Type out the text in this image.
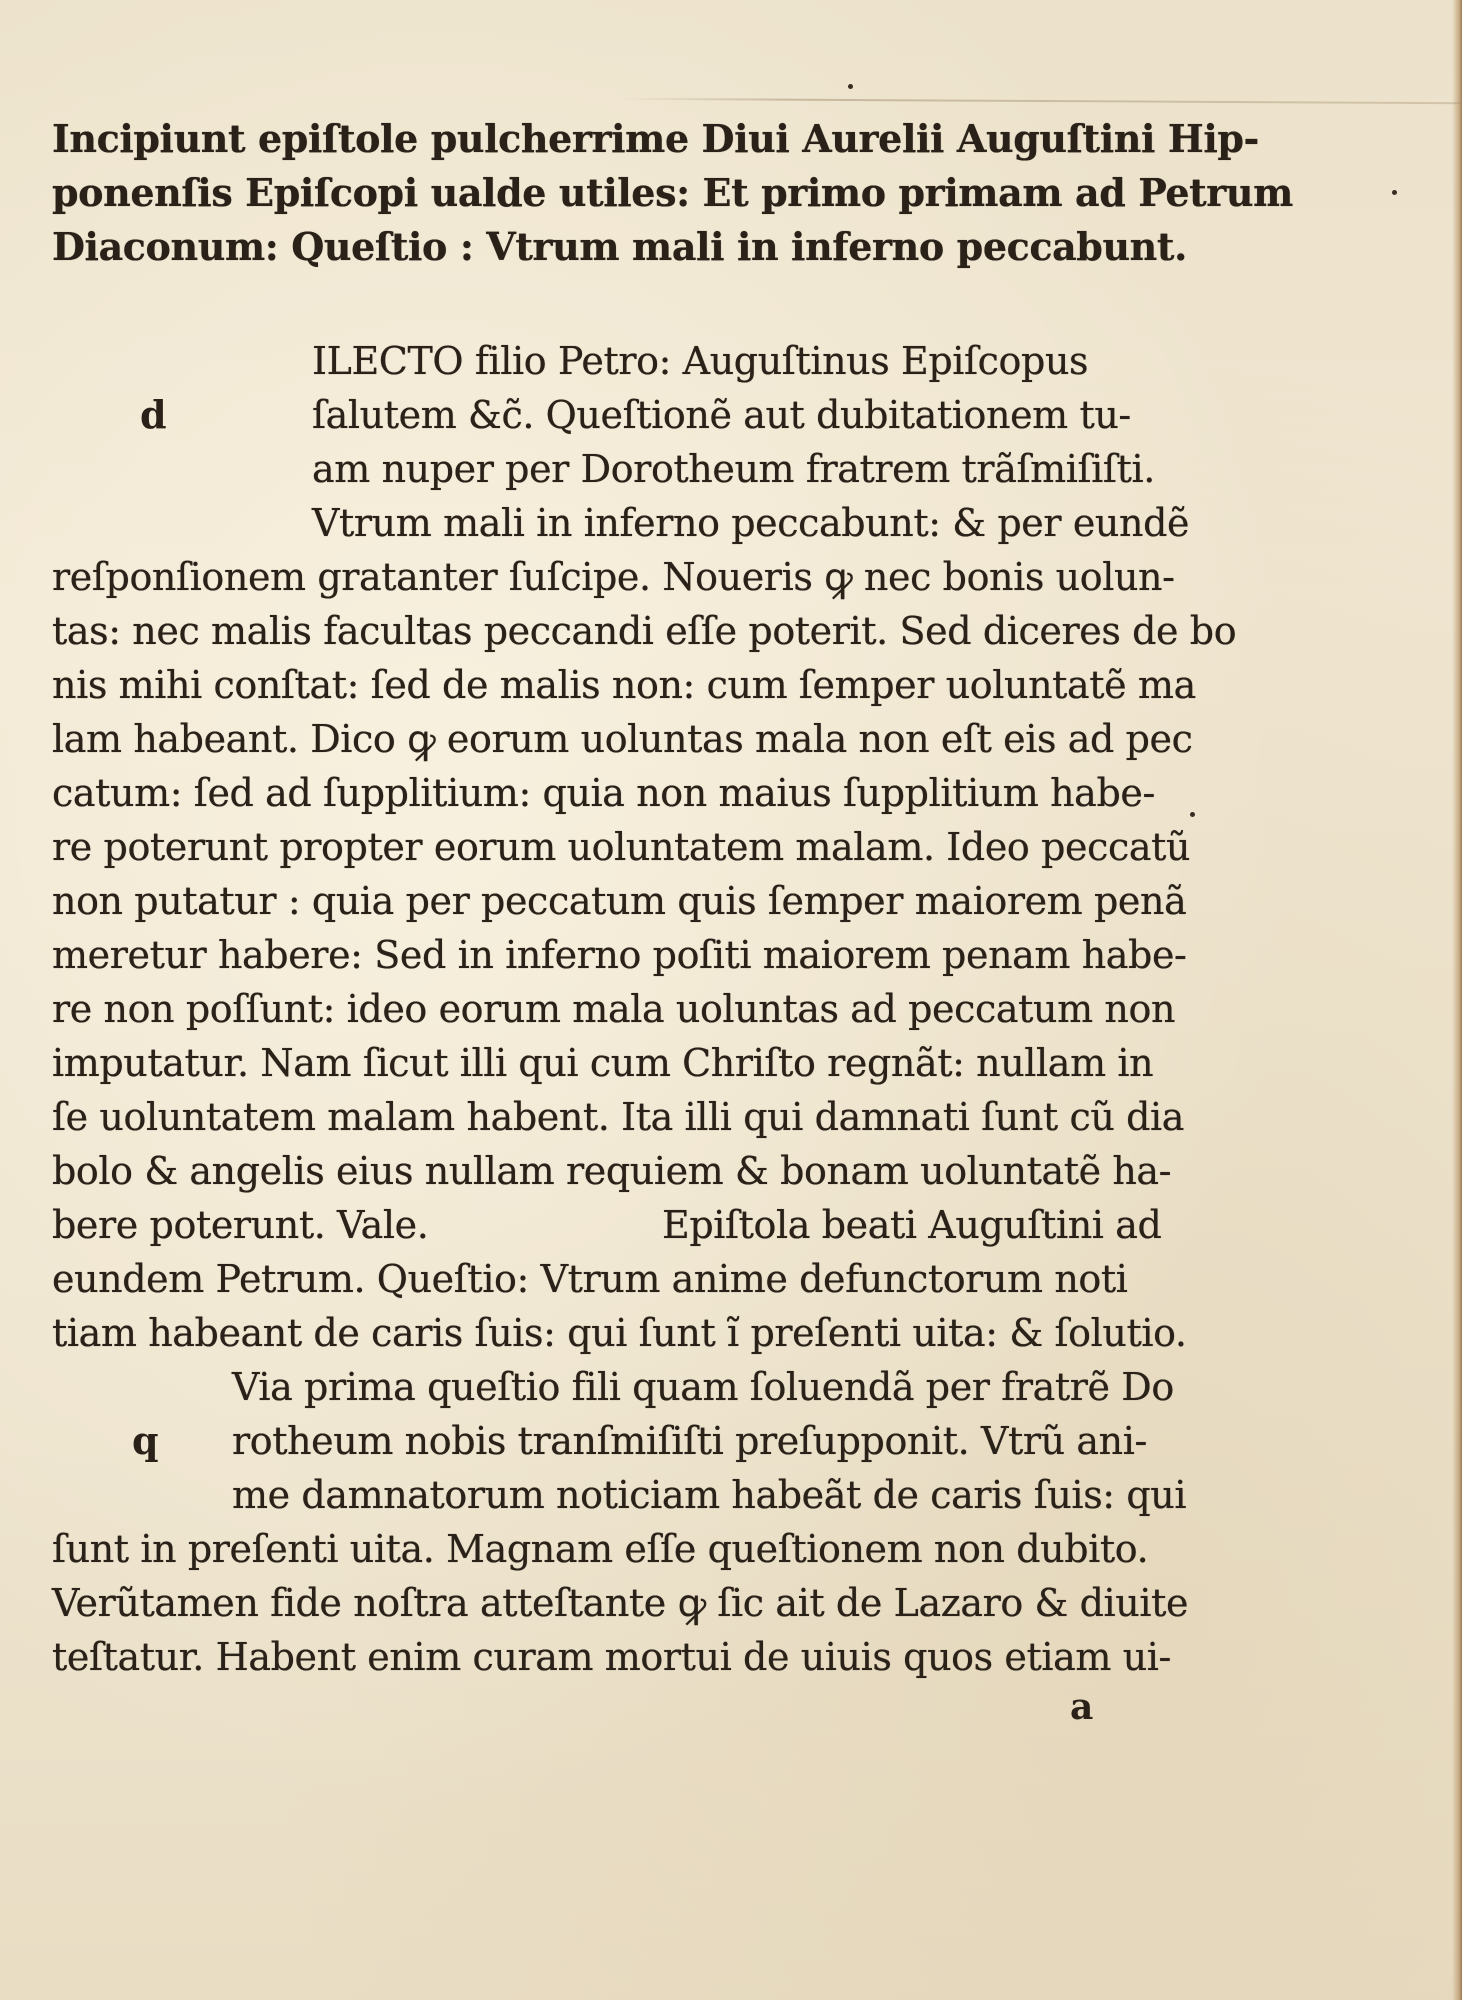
Incipiunt epiſtole pulcherrime Diui Aurelii Auguſtini Hip-
ponenſis Epiſcopi ualde utiles: Et primo primam ad Petrum
Diaconum: Queſtio : Vtrum mali in inferno peccabunt.
d
ILECTO filio Petro: Auguſtinus Epiſcopus
ſalutem &c̃. Queſtionẽ aut dubitationem tu-
am nuper per Dorotheum fratrem trãſmiſiſti.
Vtrum mali in inferno peccabunt: & per eundẽ
reſponſionem gratanter ſuſcipe. Noueris ꝙ nec bonis uolun-
tas: nec malis facultas peccandi eſſe poterit. Sed diceres de bo
nis mihi conſtat: ſed de malis non: cum ſemper uoluntatẽ ma
lam habeant. Dico ꝙ eorum uoluntas mala non eſt eis ad pec
catum: ſed ad ſupplitium: quia non maius ſupplitium habe-
re poterunt propter eorum uoluntatem malam. Ideo peccatũ
non putatur : quia per peccatum quis ſemper maiorem penã
meretur habere: Sed in inferno poſiti maiorem penam habe-
re non poſſunt: ideo eorum mala uoluntas ad peccatum non
imputatur. Nam ſicut illi qui cum Chriſto regnãt: nullam in
ſe uoluntatem malam habent. Ita illi qui damnati ſunt cũ dia
bolo & angelis eius nullam requiem & bonam uoluntatẽ ha-
bere poterunt. Vale.	Epiſtola beati Auguſtini ad
eundem Petrum. Queſtio: Vtrum anime defunctorum noti
tiam habeant de caris ſuis: qui ſunt ĩ preſenti uita: & ſolutio.
q
Via prima queſtio fili quam ſoluendã per fratrẽ Do
rotheum nobis tranſmiſiſti preſupponit. Vtrũ ani-
me damnatorum noticiam habeãt de caris ſuis: qui
ſunt in preſenti uita. Magnam eſſe queſtionem non dubito.
Verũtamen fide noſtra atteſtante ꝙ ſic ait de Lazaro & diuite
teſtatur. Habent enim curam mortui de uiuis quos etiam ui-
a
